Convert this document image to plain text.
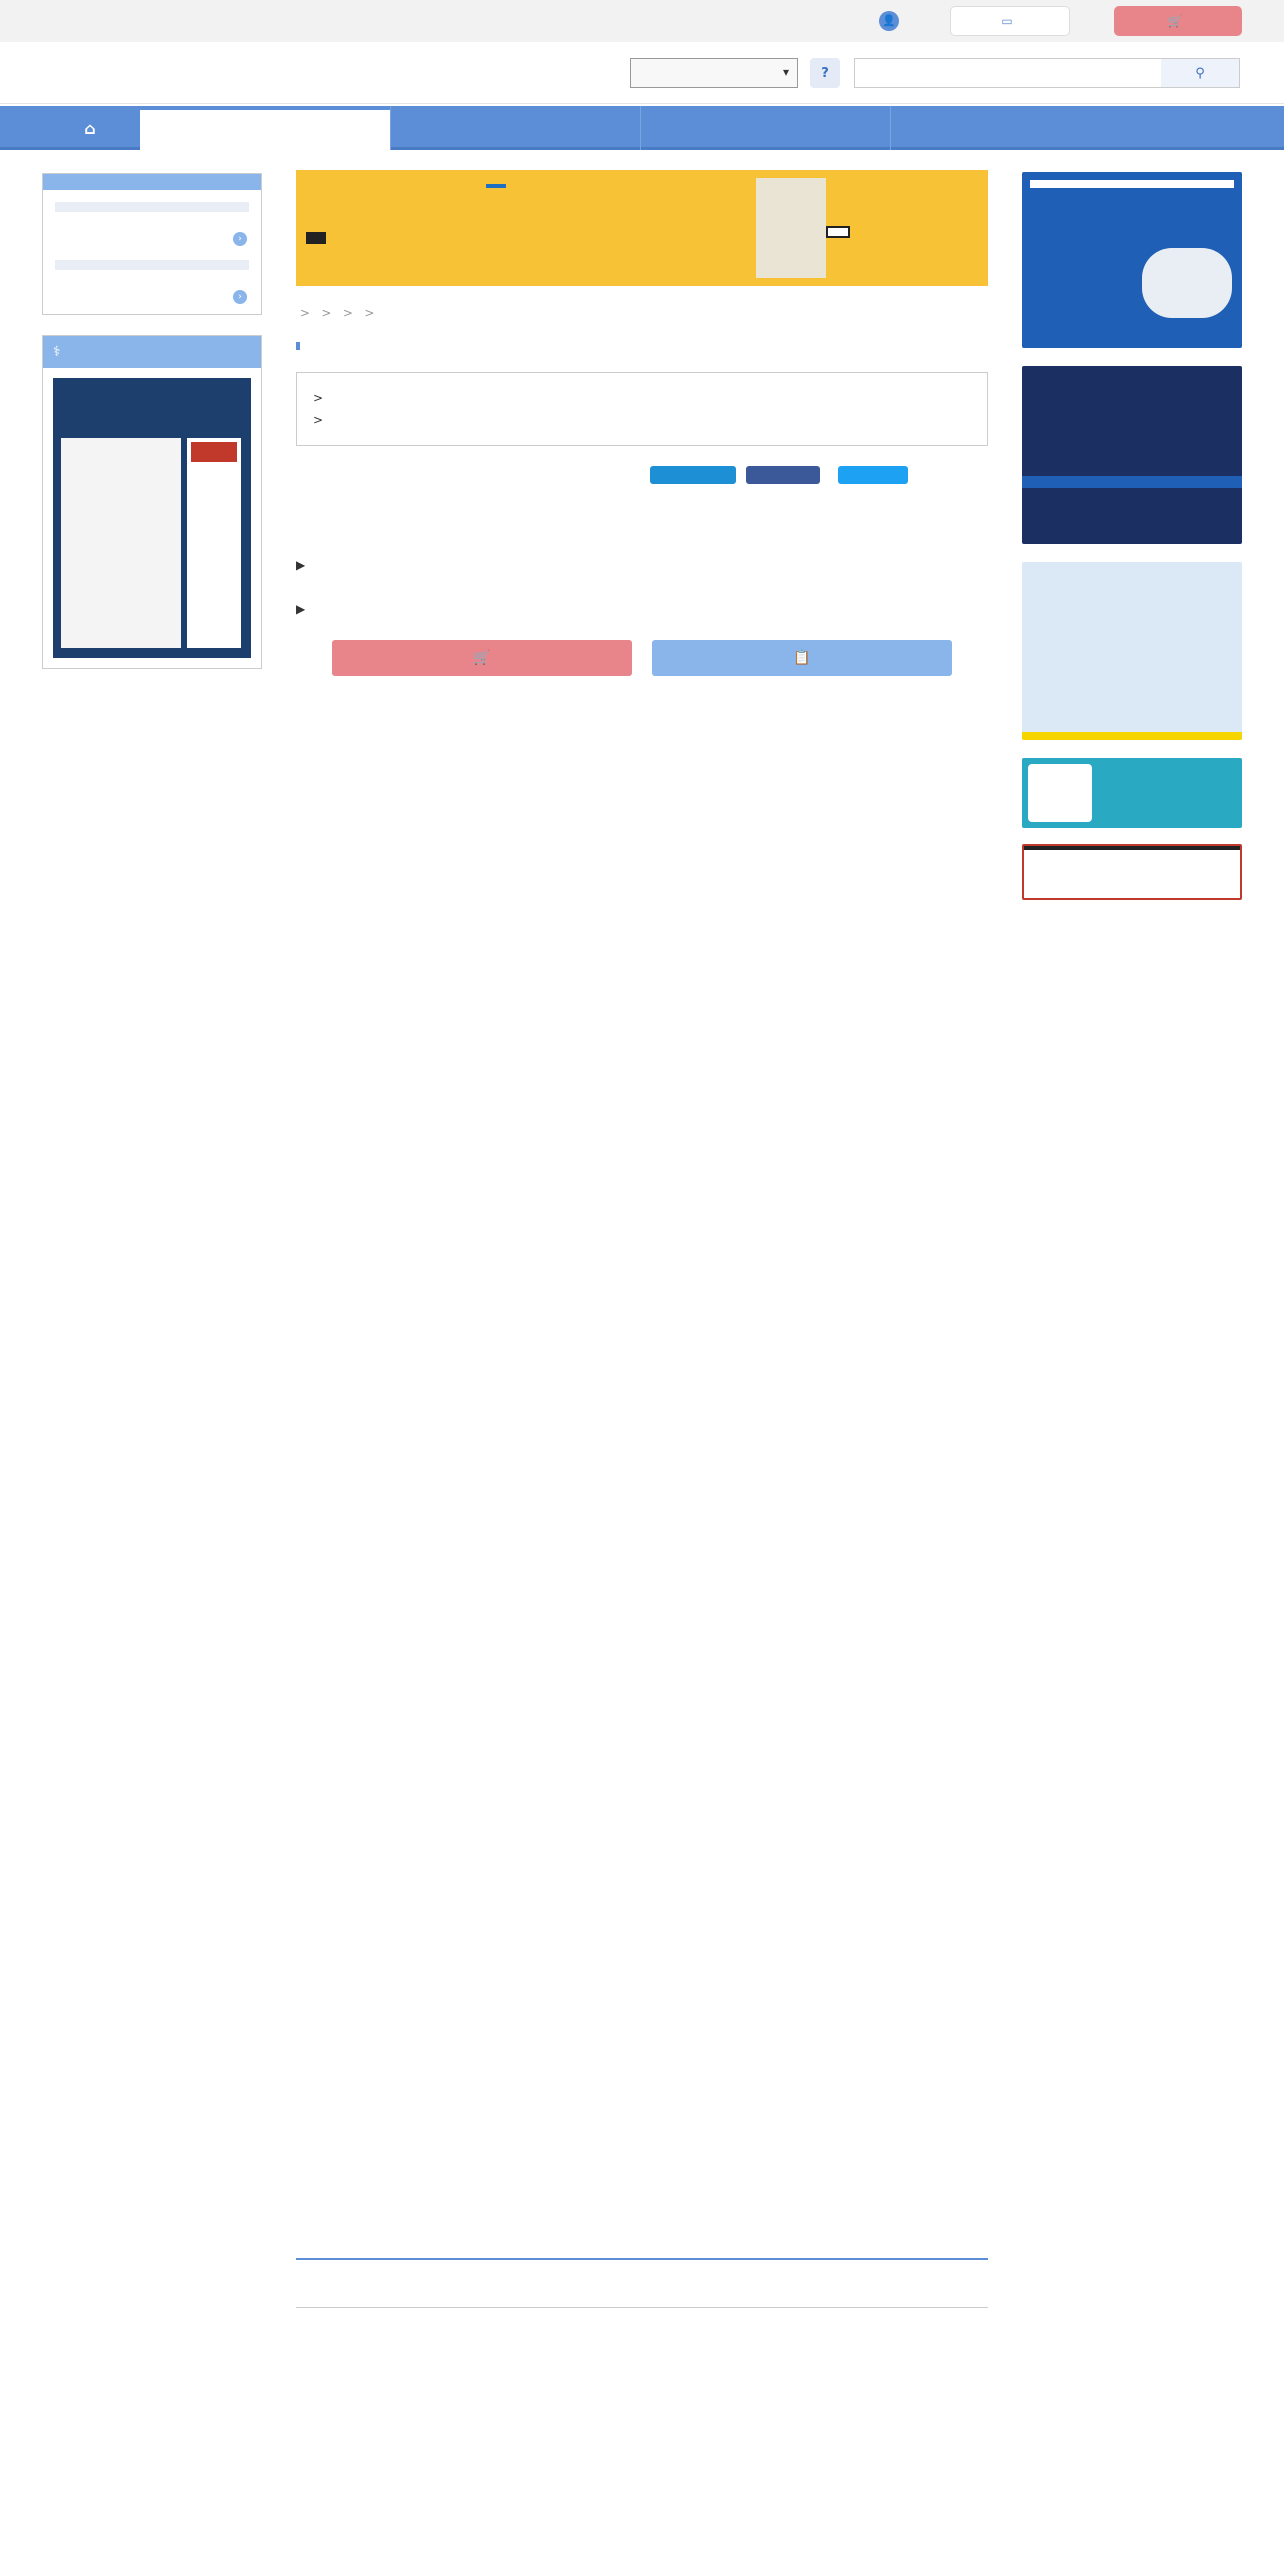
👤	▭	🛒
▾	?	⚲
⌂

›
›
⚕
>   >   >   >
>
>
▶
▶
🛒
	📋
